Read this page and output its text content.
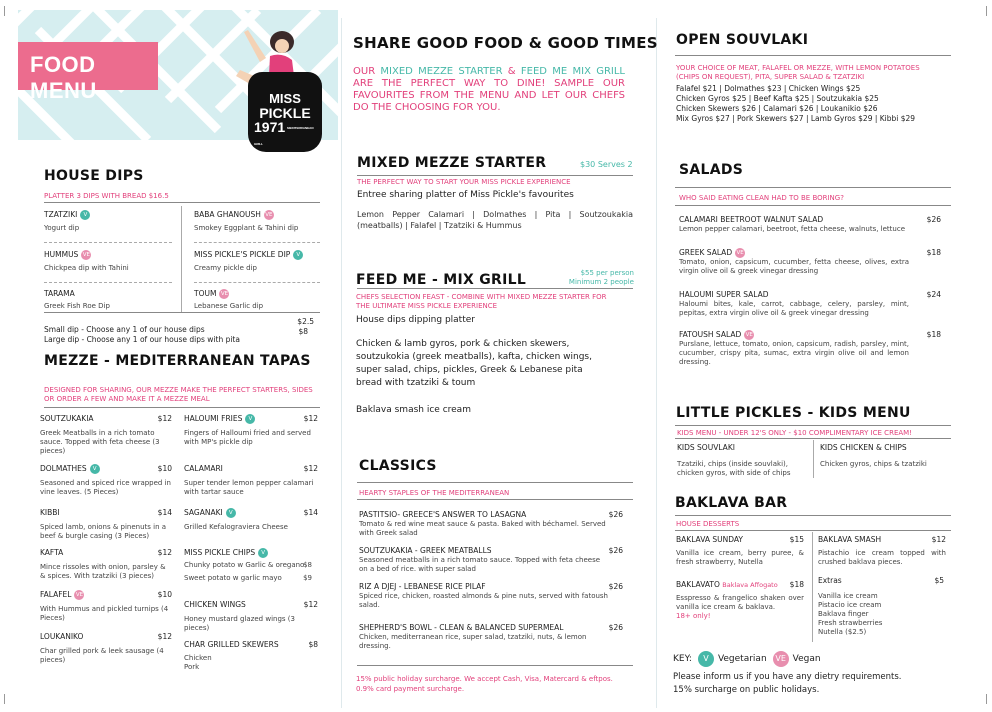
FOOD MENU	MISS
PICKLE
1971 MEDITERRANEAN GRILL
HOUSE DIPS
PLATTER 3 DIPS WITH BREAD $16.5
TZATZIKI V
Yogurt dip
BABA GHANOUSH VE
Smokey Eggplant & Tahini dip
HUMMUS VE
Chickpea dip with Tahini
MISS PICKLE'S PICKLE DIP V
Creamy pickle dip
TARAMA
Greek Fish Roe Dip
TOUM VE
Lebanese Garlic dip
Small dip - Choose any 1 of our house dips
$2.5
Large dip - Choose any 1 of our house dips with pita
$8
MEZZE - MEDITERRANEAN TAPAS
DESIGNED FOR SHARING, OUR MEZZE MAKE THE PERFECT STARTERS, SIDES OR ORDER A FEW AND MAKE IT A MEZZE MEAL
SOUTZUKAKIA	$12
Greek Meatballs in a rich tomato sauce. Topped with feta cheese (3 pieces)
DOLMATHES V	$10
Seasoned and spiced rice wrapped in vine leaves. (5 Pieces)
KIBBI	$14
Spiced lamb, onions & pinenuts in a beef & burgle casing (3 Pieces)
KAFTA	$12
Mince rissoles with onion, parsley & & spices. With tzatziki (3 pieces)
FALAFEL VE	$10
With Hummus and pickled turnips (4 Pieces)
LOUKANIKO	$12
Char grilled pork & leek sausage (4 pieces)
HALOUMI FRIES V	$12
Fingers of Halloumi fried and served with MP's pickle dip
CALAMARI	$12
Super tender lemon pepper calamari with tartar sauce
SAGANAKI V	$14
Grilled Kefalograviera Cheese
MISS PICKLE CHIPS V
Chunky potato w Garlic & oregano
$8
Sweet potato w garlic mayo	$9
CHICKEN WINGS	$12
Honey mustard glazed wings (3 pieces)
CHAR GRILLED SKEWERS	$8
Chicken
Pork
SHARE GOOD FOOD & GOOD TIMES
OUR MIXED MEZZE STARTER & FEED ME MIX GRILL ARE THE PERFECT WAY TO DINE! SAMPLE OUR FAVOURITES FROM THE MENU AND LET OUR CHEFS DO THE CHOOSING FOR YOU.
MIXED MEZZE STARTER	$30 Serves 2
THE PERFECT WAY TO START YOUR MISS PICKLE EXPERIENCE
Entree sharing platter of Miss Pickle's favourites
Lemon Pepper Calamari | Dolmathes | Pita | Soutzoukakia (meatballs) | Falafel | Tzatziki & Hummus
FEED ME - MIX GRILL	$55 per person
Minimum 2 people
CHEFS SELECTION FEAST - COMBINE WITH MIXED MEZZE STARTER FOR THE ULTIMATE MISS PICKLE EXPERIENCE
House dips dipping platter
Chicken & lamb gyros, pork & chicken skewers, soutzukokia (greek meatballs), kafta, chicken wings, super salad, chips, pickles, Greek & Lebanese pita bread with tzatziki & toum
Baklava smash ice cream
CLASSICS
HEARTY STAPLES OF THE MEDITERRANEAN
PASTITSIO- GREECE'S ANSWER TO LASAGNA	$26
Tomato & red wine meat sauce & pasta. Baked with béchamel. Served with Greek salad
SOUTZUKAKIA - GREEK MEATBALLS	$26
Seasoned meatballs in a rich tomato sauce. Topped with feta cheese on a bed of rice. with super salad
RIZ A DJEJ - LEBANESE RICE PILAF	$26
Spiced rice, chicken, roasted almonds & pine nuts, served with fatoush salad.
SHEPHERD'S BOWL - CLEAN & BALANCED SUPERMEAL	$26
Chicken, mediterranean rice, super salad, tzatziki, nuts, & lemon dressing.
15% public holiday surcharge. We accept Cash, Visa, Matercard & eftpos. 0.9% card payment surcharge.
OPEN SOUVLAKI
YOUR CHOICE OF MEAT, FALAFEL OR MEZZE, WITH LEMON POTATOES (CHIPS ON REQUEST), PITA, SUPER SALAD & TZATZIKI
Falafel $21 | Dolmathes $23 | Chicken Wings $25
Chicken Gyros $25 | Beef Kafta $25 | Soutzukakia $25
Chicken Skewers $26 | Calamari $26 | Loukanikio $26
Mix Gyros $27 | Pork Skewers $27 | Lamb Gyros $29 | Kibbi $29
SALADS
WHO SAID EATING CLEAN HAD TO BE BORING?
CALAMARI BEETROOT WALNUT SALAD	$26
Lemon pepper calamari, beetroot, fetta cheese, walnuts, lettuce
GREEK SALAD VE	$18
Tomato, onion, capsicum, cucumber, fetta cheese, olives, extra virgin olive oil & greek vinegar dressing
HALOUMI SUPER SALAD	$24
Haloumi bites, kale, carrot, cabbage, celery, parsley, mint, pepitas, extra virgin olive oil & greek vinegar dressing
FATOUSH SALAD VE	$18
Purslane, lettuce, tomato, onion, capsicum, radish, parsley, mint, cucumber, crispy pita, sumac, extra virgin olive oil and lemon dressing.
LITTLE PICKLES - KIDS MENU
KIDS MENU - UNDER 12'S ONLY - $10 COMPLIMENTARY ICE CREAM!
KIDS SOUVLAKI
Tzatziki, chips (inside souvlaki), chicken gyros, with side of chips
KIDS CHICKEN & CHIPS
Chicken gyros, chips & tzatziki
BAKLAVA BAR
HOUSE DESSERTS
BAKLAVA SUNDAY	$15
Vanilla ice cream, berry puree, & fresh strawberry, Nutella
BAKLAVA SMASH	$12
Pistachio ice cream topped with crushed baklava pieces.
BAKLAVATO Baklava Affogato	$18
Esspresso & frangelico shaken over vanilla ice cream & baklava.
18+ only!
Extras	$5
Vanilla ice cream
Pistacio ice cream
Baklava finger
Fresh strawberries
Nutella ($2.5)
KEY:	V	Vegetarian	VE Vegan
Please inform us if you have any dietry requirements.
15% surcharge on public holidays.
